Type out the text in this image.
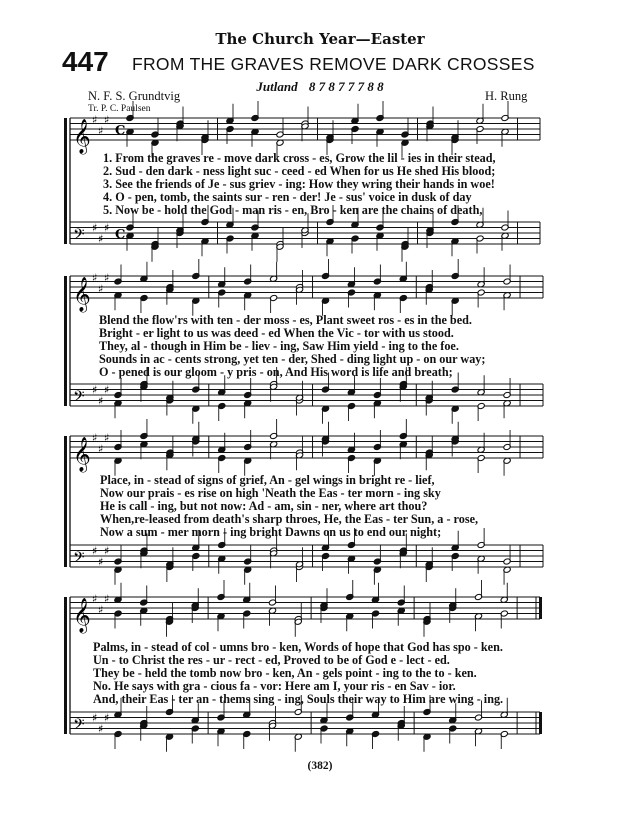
The Church Year—Easter
447 FROM THE GRAVES REMOVE DARK CROSSES
Jutland 8 7 8 7 7 7 8 8
N. F. S. Grundtvig
Tr. P. C. Paulsen
H. Rung
♯
♯
♯
𝄞 C
♯
♯
♯
𝄢 C
♯
♯
♯
𝄞
♯
♯
♯
𝄢
♯
♯
♯
𝄞
♯
♯
♯
𝄢
♯
♯
♯
𝄞
♯
♯
♯
𝄢
1. From the graves re - move dark cross - es, Grow the lil - ies in their stead,
2. Sud - den dark - ness light suc - ceed - ed When for us He shed His blood;
3. See the friends of Je - sus griev - ing: How they wring their hands in woe!
4. O - pen, tomb, the saints sur - ren - der! Je - sus' voice in dusk of day
5. Now be - hold the God - man ris - en, Bro - ken are the chains of death,
Blend the flow'rs with ten - der moss - es, Plant sweet ros - es in the bed.
Bright - er light to us was deed - ed When the Vic - tor with us stood.
They, al - though in Him be - liev - ing, Saw Him yield - ing to the foe.
Sounds in ac - cents strong, yet ten - der, Shed - ding light up - on our way;
O - pened is our gloom - y pris - on, And His word is life and breath;
Place, in - stead of signs of grief, An - gel wings in bright re - lief,
Now our prais - es rise on high 'Neath the Eas - ter morn - ing sky
He is call - ing, but not now: Ad - am, sin - ner, where art thou?
When,re-leased from death's sharp throes, He, the Eas - ter Sun, a - rose,
Now a sum - mer morn - ing bright Dawns on us to end our night;
Palms, in - stead of col - umns bro - ken, Words of hope that God has spo - ken.
Un - to Christ the res - ur - rect - ed, Proved to be of God e - lect - ed.
They be - held the tomb now bro - ken, An - gels point - ing to the to - ken.
No. He says with gra - cious fa - vor: Here am I, your ris - en Sav - ior.
And, their Eas - ter an - thems sing - ing, Souls their way to Him are wing - ing.
(382)
